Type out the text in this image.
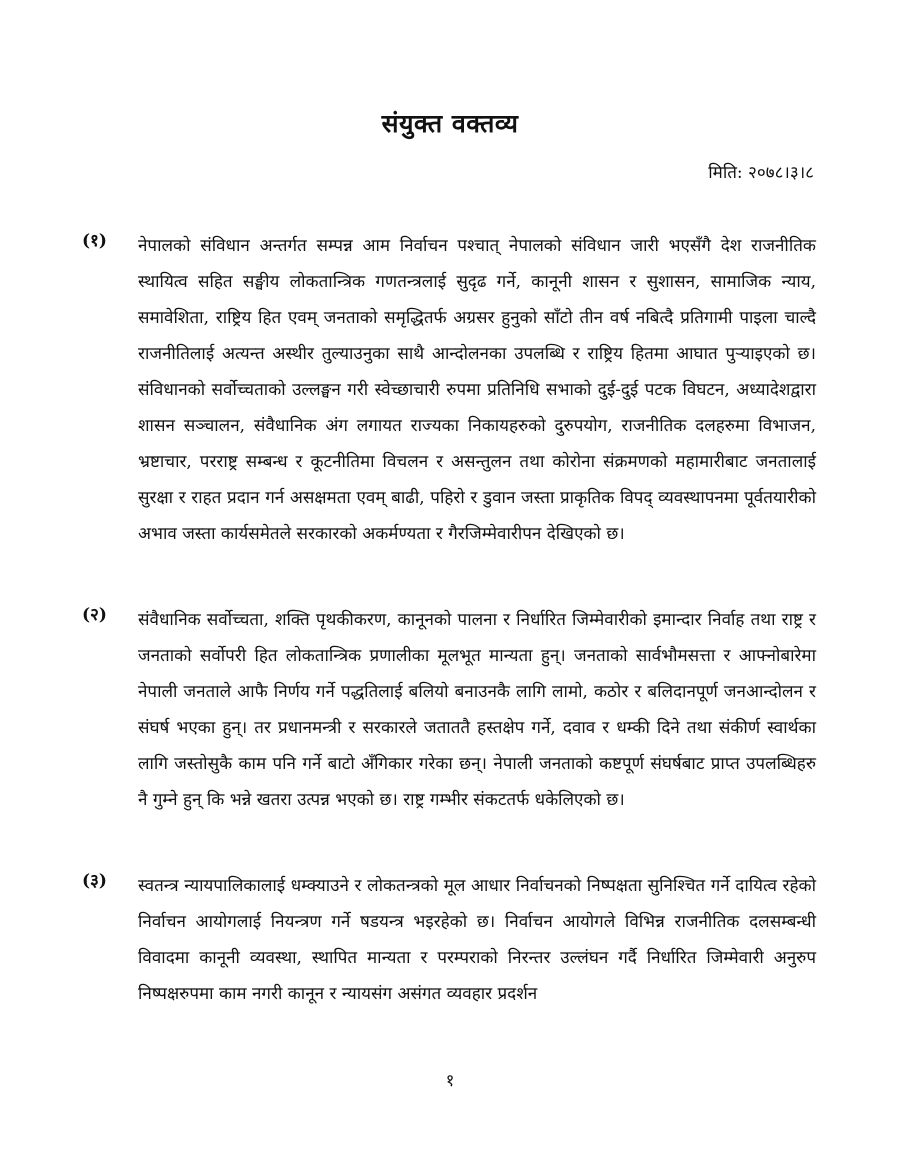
संयुक्त वक्तव्य
मिति: २०७८।३।८
(१)	नेपालको संविधान अन्तर्गत सम्पन्न आम निर्वाचन पश्चात् नेपालको संविधान जारी भएसँगै देश राजनीतिक स्थायित्व सहित सङ्घीय लोकतान्त्रिक गणतन्त्रलाई सुदृढ गर्ने, कानूनी शासन र सुशासन, सामाजिक न्याय, समावेशिता, राष्ट्रिय हित एवम् जनताको समृद्धितर्फ अग्रसर हुनुको साँटो तीन वर्ष नबित्दै प्रतिगामी पाइला चाल्दै राजनीतिलाई अत्यन्त अस्थीर तुल्याउनुका साथै आन्दोलनका उपलब्धि र राष्ट्रिय हितमा आघात पुऱ्याइएको छ। संविधानको सर्वोच्चताको उल्लङ्घन गरी स्वेच्छाचारी रुपमा प्रतिनिधि सभाको दुई-दुई पटक विघटन, अध्यादेशद्वारा शासन सञ्चालन, संवैधानिक अंग लगायत राज्यका निकायहरुको दुरुपयोग, राजनीतिक दलहरुमा विभाजन, भ्रष्टाचार, परराष्ट्र सम्बन्ध र कूटनीतिमा विचलन र असन्तुलन तथा कोरोना संक्रमणको महामारीबाट जनतालाई सुरक्षा र राहत प्रदान गर्न असक्षमता एवम् बाढी, पहिरो र डुवान जस्ता प्राकृतिक विपद् व्यवस्थापनमा पूर्वतयारीको अभाव जस्ता कार्यसमेतले सरकारको अकर्मण्यता र गैरजिम्मेवारीपन देखिएको छ।
(२)	संवैधानिक सर्वोच्चता, शक्ति पृथकीकरण, कानूनको पालना र निर्धारित जिम्मेवारीको इमान्दार निर्वाह तथा राष्ट्र र जनताको सर्वोपरी हित लोकतान्त्रिक प्रणालीका मूलभूत मान्यता हुन्। जनताको सार्वभौमसत्ता र आफ्नोबारेमा नेपाली जनताले आफै निर्णय गर्ने पद्धतिलाई बलियो बनाउनकै लागि लामो, कठोर र बलिदानपूर्ण जनआन्दोलन र संघर्ष भएका हुन्। तर प्रधानमन्त्री र सरकारले जताततै हस्तक्षेप गर्ने, दवाव र धम्की दिने तथा संकीर्ण स्वार्थका लागि जस्तोसुकै काम पनि गर्ने बाटो अँगिकार गरेका छन्। नेपाली जनताको कष्टपूर्ण संघर्षबाट प्राप्त उपलब्धिहरु नै गुम्ने हुन् कि भन्ने खतरा उत्पन्न भएको छ। राष्ट्र गम्भीर संकटतर्फ धकेलिएको छ।
(३)	स्वतन्त्र न्यायपालिकालाई धम्क्याउने र लोकतन्त्रको मूल आधार निर्वाचनको निष्पक्षता सुनिश्चित गर्ने दायित्व रहेको निर्वाचन आयोगलाई नियन्त्रण गर्ने षडयन्त्र भइरहेको छ। निर्वाचन आयोगले विभिन्न राजनीतिक दलसम्बन्धी विवादमा कानूनी व्यवस्था, स्थापित मान्यता र परम्पराको निरन्तर उल्लंघन गर्दै निर्धारित जिम्मेवारी अनुरुप निष्पक्षरुपमा काम नगरी कानून र न्यायसंग असंगत व्यवहार प्रदर्शन
१
